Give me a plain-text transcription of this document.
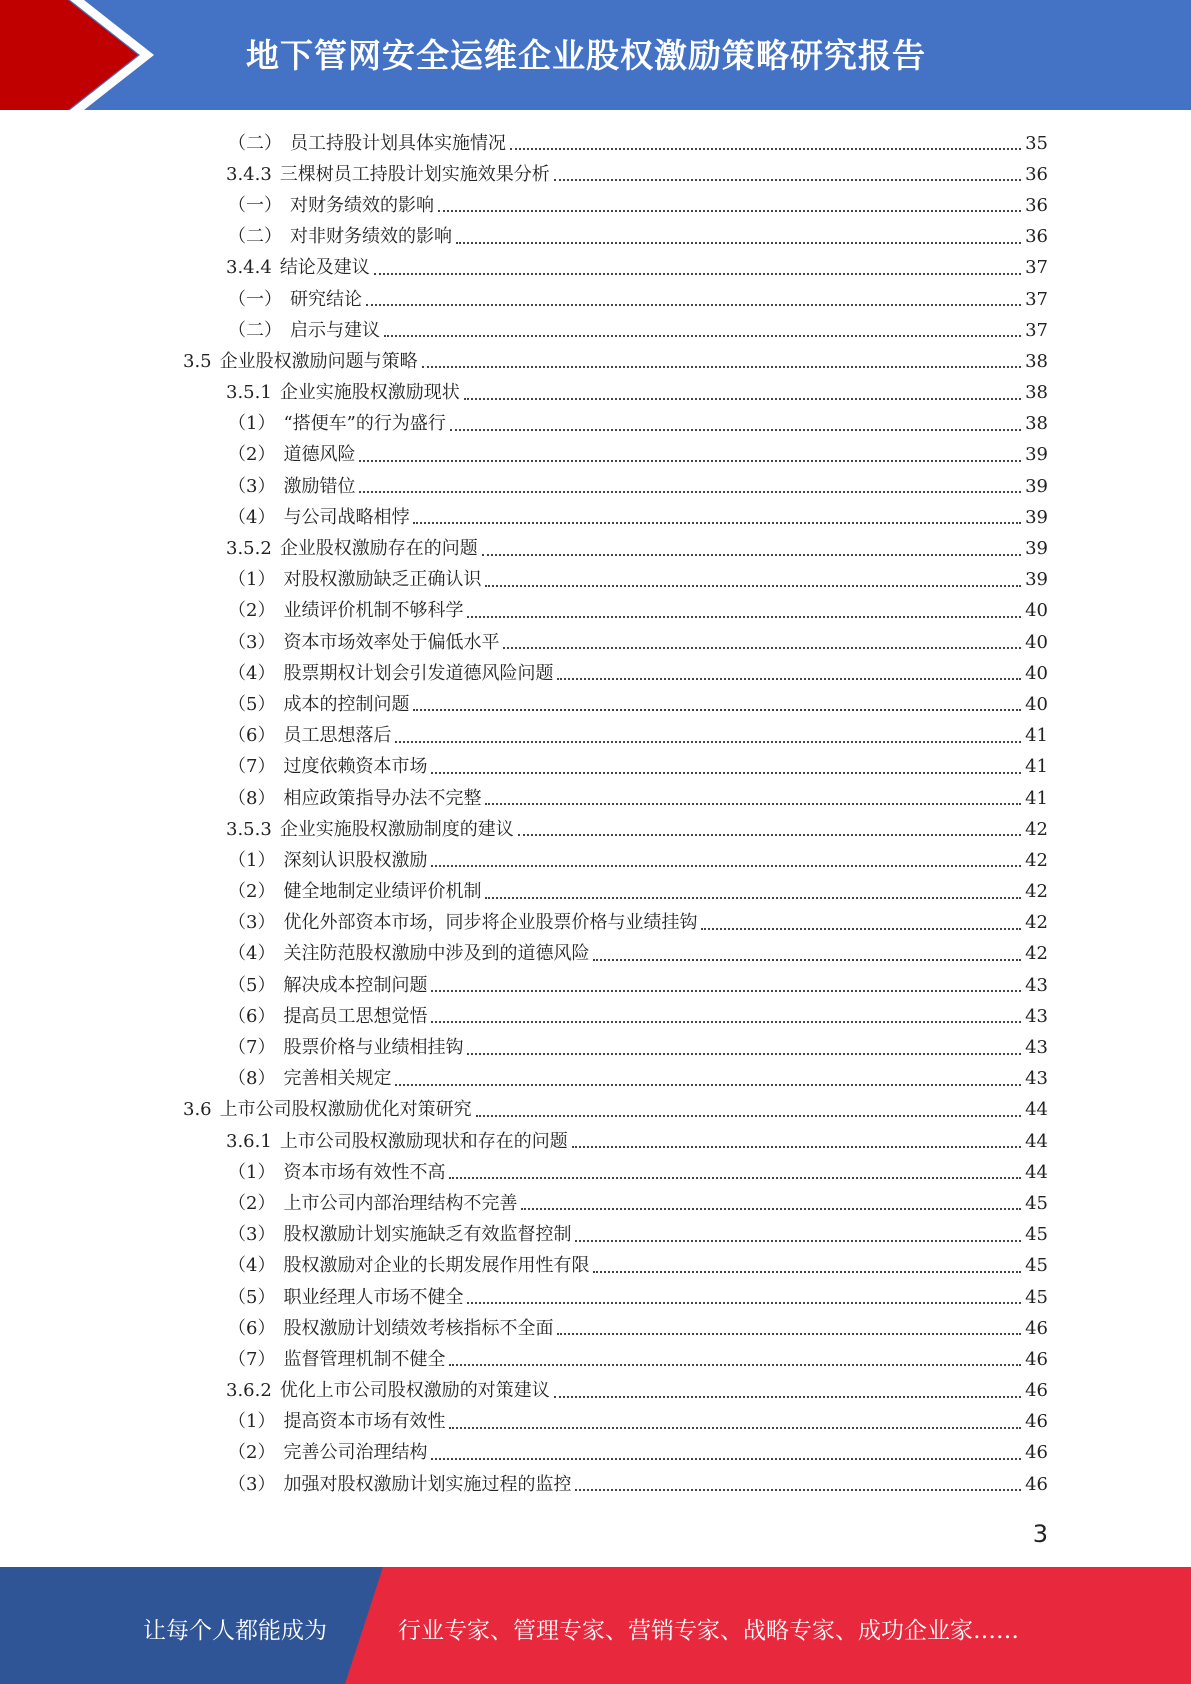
地下管网安全运维企业股权激励策略研究报告
（二） 员工持股计划具体实施情况	35
3.4.3 三棵树员工持股计划实施效果分析	36
（一） 对财务绩效的影响	36
（二） 对非财务绩效的影响	36
3.4.4 结论及建议	37
（一） 研究结论	37
（二） 启示与建议	37
3.5 企业股权激励问题与策略	38
3.5.1 企业实施股权激励现状	38
（1） “搭便车”的行为盛行	38
（2） 道德风险	39
（3） 激励错位	39
（4） 与公司战略相悖	39
3.5.2 企业股权激励存在的问题	39
（1） 对股权激励缺乏正确认识	39
（2） 业绩评价机制不够科学	40
（3） 资本市场效率处于偏低水平	40
（4） 股票期权计划会引发道德风险问题	40
（5） 成本的控制问题	40
（6） 员工思想落后	41
（7） 过度依赖资本市场	41
（8） 相应政策指导办法不完整	41
3.5.3 企业实施股权激励制度的建议	42
（1） 深刻认识股权激励	42
（2） 健全地制定业绩评价机制	42
（3） 优化外部资本市场，同步将企业股票价格与业绩挂钩	42
（4） 关注防范股权激励中涉及到的道德风险	42
（5） 解决成本控制问题	43
（6） 提高员工思想觉悟	43
（7） 股票价格与业绩相挂钩	43
（8） 完善相关规定	43
3.6 上市公司股权激励优化对策研究	44
3.6.1 上市公司股权激励现状和存在的问题	44
（1） 资本市场有效性不高	44
（2） 上市公司内部治理结构不完善	45
（3） 股权激励计划实施缺乏有效监督控制	45
（4） 股权激励对企业的长期发展作用性有限	45
（5） 职业经理人市场不健全	45
（6） 股权激励计划绩效考核指标不全面	46
（7） 监督管理机制不健全	46
3.6.2 优化上市公司股权激励的对策建议	46
（1） 提高资本市场有效性	46
（2） 完善公司治理结构	46
（3） 加强对股权激励计划实施过程的监控	46
3
让每个人都能成为	行业专家、管理专家、营销专家、战略专家、成功企业家……
